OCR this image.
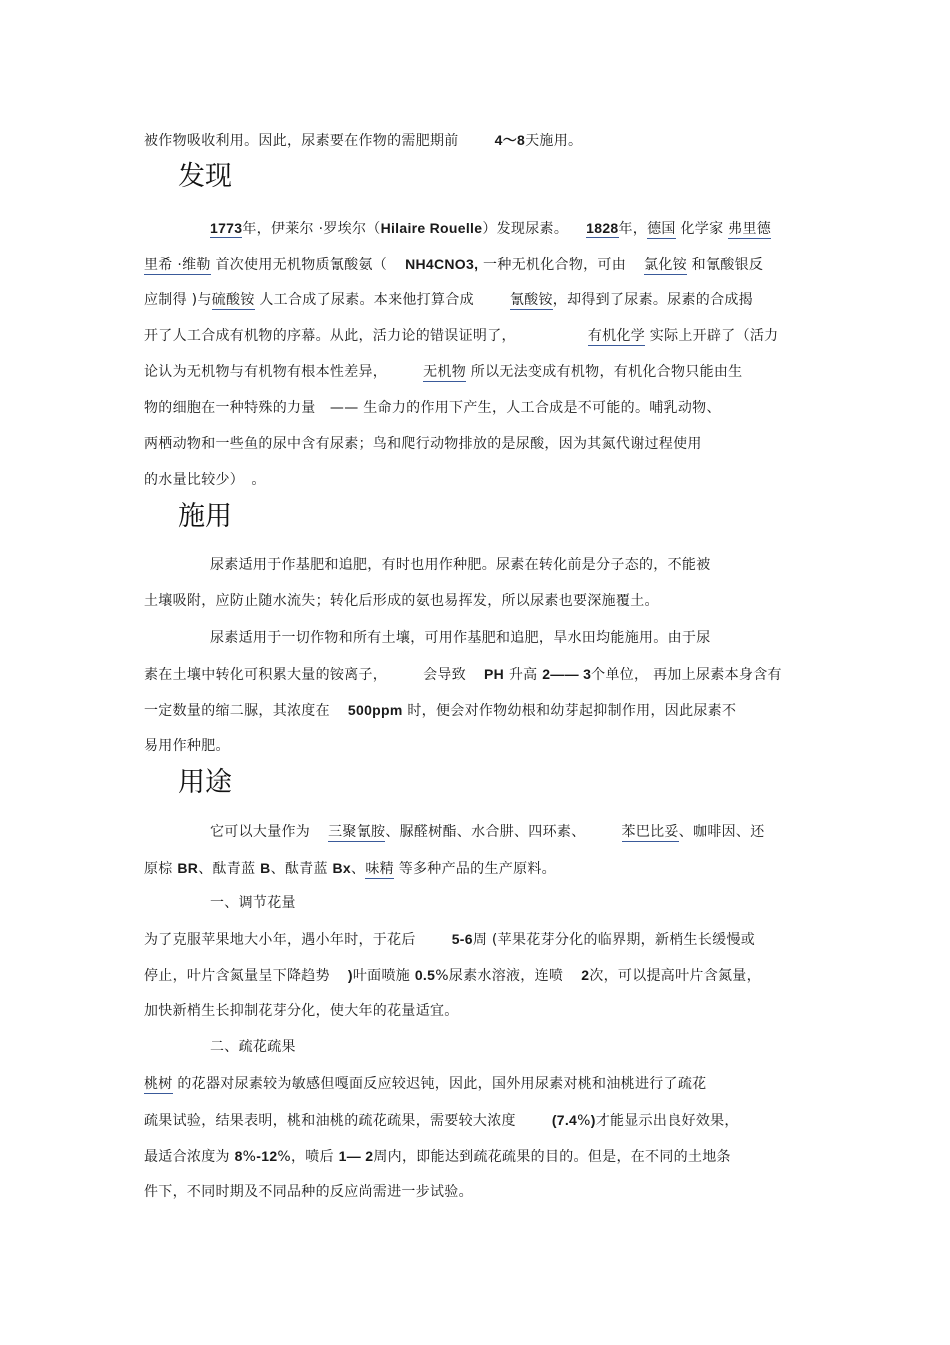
被作物吸收利用。因此，尿素要在作物的需肥期前	4～8天施用。
发现
1773年，伊莱尔 ·罗埃尔（Hilaire Rouelle）发现尿素。 1828年，德国 化学家 弗里德
里希 ·维勒 首次使用无机物质氰酸氨（ NH4CNO3, 一种无机化合物，可由 氯化铵 和氰酸银反
应制得 )与硫酸铵 人工合成了尿素。本来他打算合成	氰酸铵，却得到了尿素。尿素的合成揭
开了人工合成有机物的序幕。从此，活力论的错误证明了，	有机化学 实际上开辟了（活力
论认为无机物与有机物有根本性差异，	无机物 所以无法变成有机物，有机化合物只能由生
物的细胞在一种特殊的力量　—— 生命力的作用下产生，人工合成是不可能的。哺乳动物、
两栖动物和一些鱼的尿中含有尿素；鸟和爬行动物排放的是尿酸，因为其氮代谢过程使用
的水量比较少）　。
施用
尿素适用于作基肥和追肥，有时也用作种肥。尿素在转化前是分子态的，不能被
土壤吸附，应防止随水流失；转化后形成的氨也易挥发，所以尿素也要深施覆土。
尿素适用于一切作物和所有土壤，可用作基肥和追肥，旱水田均能施用。由于尿
素在土壤中转化可积累大量的铵离子，	会导致 PH 升高 2—— 3个单位， 再加上尿素本身含有
一定数量的缩二脲，其浓度在 500ppm 时，便会对作物幼根和幼芽起抑制作用，因此尿素不
易用作种肥。
用途
它可以大量作为 三聚氰胺、脲醛树酯、水合肼、四环素、	苯巴比妥、咖啡因、还
原棕 BR、酞青蓝 B、酞青蓝 Bx、味精 等多种产品的生产原料。
一、调节花量
为了克服苹果地大小年，遇小年时，于花后	5-6周 (苹果花芽分化的临界期，新梢生长缓慢或
停止，叶片含氮量呈下降趋势 )叶面喷施 0.5%尿素水溶液，连喷 2次，可以提高叶片含氮量，
加快新梢生长抑制花芽分化，使大年的花量适宜。
二、疏花疏果
桃树 的花器对尿素较为敏感但嘎面反应较迟钝，因此，国外用尿素对桃和油桃进行了疏花
疏果试验，结果表明，桃和油桃的疏花疏果，需要较大浓度	(7.4%)才能显示出良好效果，
最适合浓度为 8%-12%，喷后 1— 2周内，即能达到疏花疏果的目的。但是，在不同的土地条
件下，不同时期及不同品种的反应尚需进一步试验。
